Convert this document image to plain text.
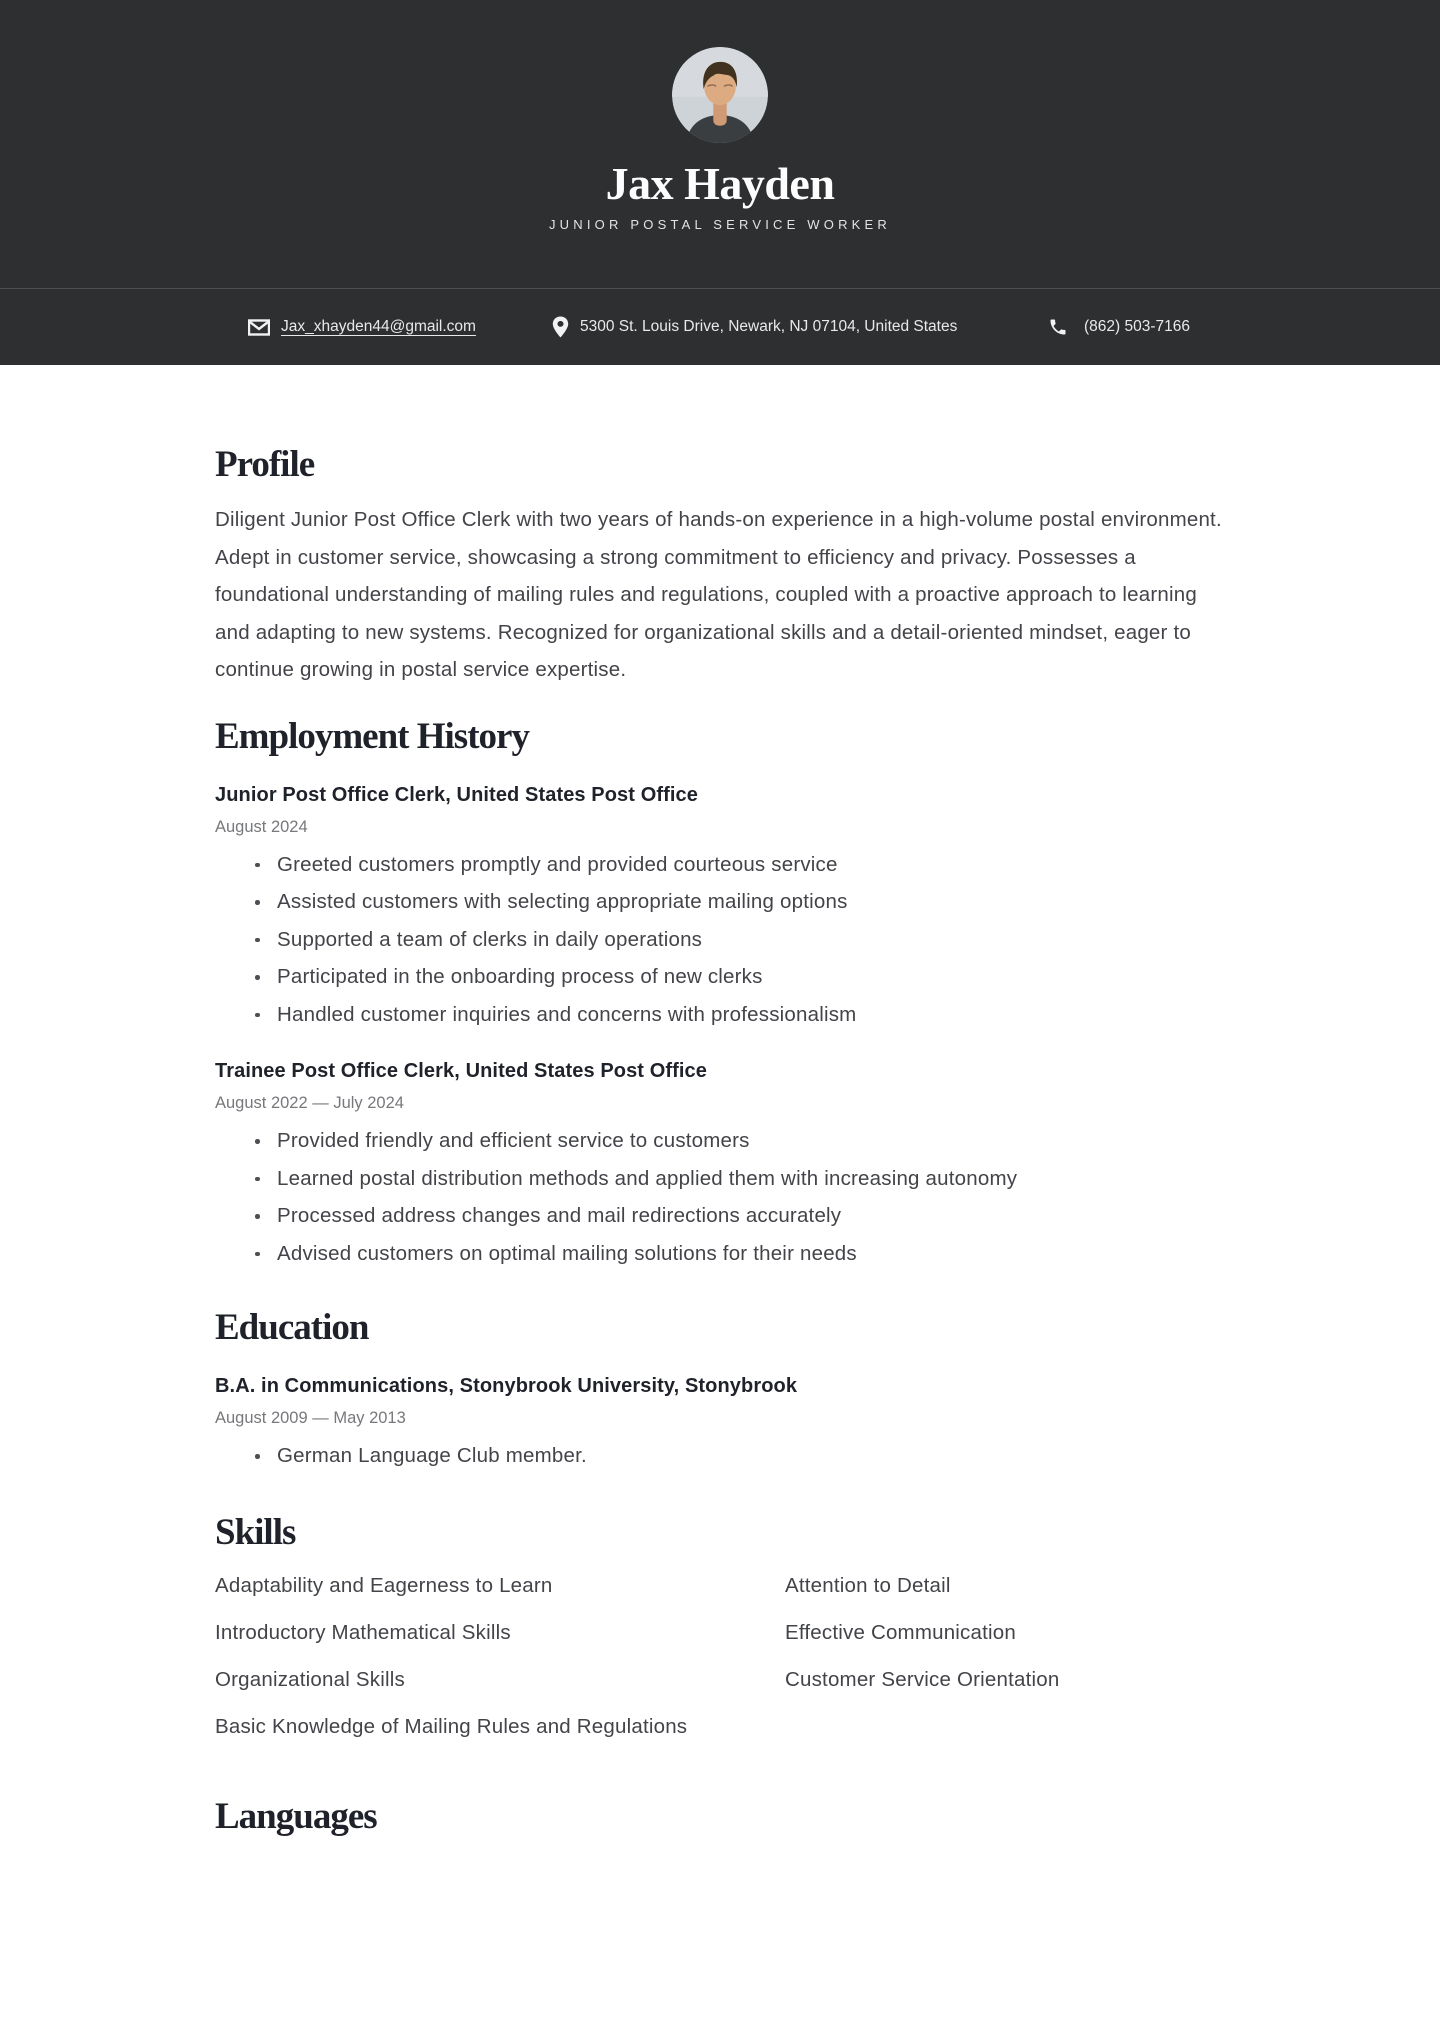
Jax Hayden
JUNIOR POSTAL SERVICE WORKER
Jax_xhayden44@gmail.com	5300 St. Louis Drive, Newark, NJ 07104, United States	(862) 503-7166
Profile

Diligent Junior Post Office Clerk with two years of hands-on experience in a high-volume postal environment. Adept in customer service, showcasing a strong commitment to efficiency and privacy. Possesses a foundational understanding of mailing rules and regulations, coupled with a proactive approach to learning and adapting to new systems. Recognized for organizational skills and a detail-oriented mindset, eager to continue growing in postal service expertise.

Employment History
Junior Post Office Clerk, United States Post Office
August 2024
Greeted customers promptly and provided courteous service
Assisted customers with selecting appropriate mailing options
Supported a team of clerks in daily operations
Participated in the onboarding process of new clerks
Handled customer inquiries and concerns with professionalism
Trainee Post Office Clerk, United States Post Office
August 2022 — July 2024
Provided friendly and efficient service to customers
Learned postal distribution methods and applied them with increasing autonomy
Processed address changes and mail redirections accurately
Advised customers on optimal mailing solutions for their needs
Education
B.A. in Communications, Stonybrook University, Stonybrook
August 2009 — May 2013
German Language Club member.
Skills
Adaptability and Eagerness to Learn
Introductory Mathematical Skills
Organizational Skills
Basic Knowledge of Mailing Rules and Regulations
Attention to Detail
Effective Communication
Customer Service Orientation
Languages
